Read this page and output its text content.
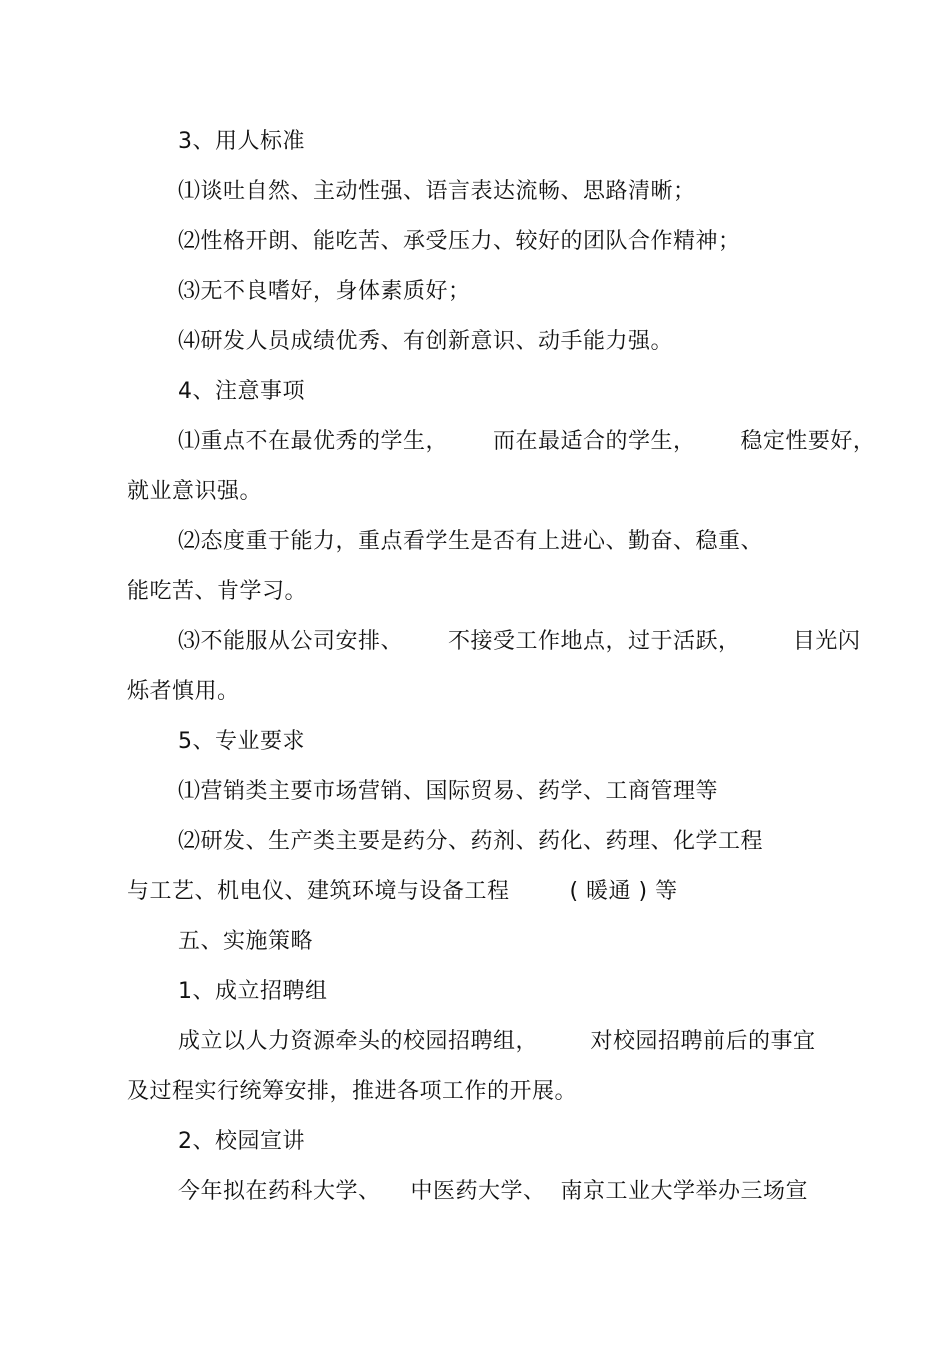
3、用人标准
⑴谈吐自然、主动性强、语言表达流畅、思路清晰；
⑵性格开朗、能吃苦、承受压力、较好的团队合作精神；
⑶无不良嗜好，身体素质好；
⑷研发人员成绩优秀、有创新意识、动手能力强。
4、注意事项
⑴重点不在最优秀的学生，      而在最适合的学生，      稳定性要好，
就业意识强。
⑵态度重于能力，重点看学生是否有上进心、勤奋、稳重、
能吃苦、肯学习。
⑶不能服从公司安排、      不接受工作地点，过于活跃，       目光闪
烁者慎用。
5、专业要求
⑴营销类主要市场营销、国际贸易、药学、工商管理等
⑵研发、生产类主要是药分、药剂、药化、药理、化学工程
与工艺、机电仪、建筑环境与设备工程        ( 暖通 ) 等
五、实施策略
1、成立招聘组
成立以人力资源牵头的校园招聘组，       对校园招聘前后的事宜
及过程实行统筹安排，推进各项工作的开展。
2、校园宣讲
今年拟在药科大学、    中医药大学、  南京工业大学举办三场宣
